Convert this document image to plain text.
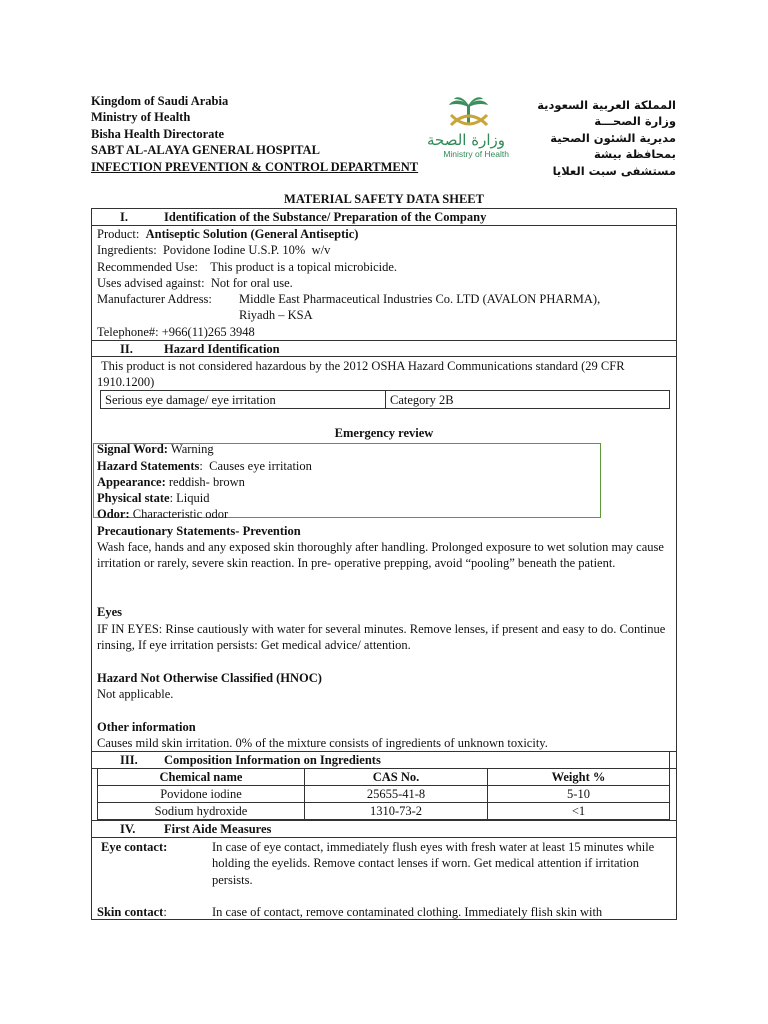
Kingdom of Saudi Arabia
Ministry of Health
Bisha Health Directorate
SABT AL-ALAYA GENERAL HOSPITAL
INFECTION PREVENTION & CONTROL DEPARTMENT
وزارة الصحة
Ministry of Health
المملكة العربية السعودية
وزارة الصحـــة
مديرية الشئون الصحية
بمحافظة بيشة
مستشفى سبت العلايا
MATERIAL SAFETY DATA SHEET
I.	Identification of the Substance/ Preparation of the Company
Product: Antiseptic Solution (General Antiseptic)
Ingredients:  Povidone Iodine U.S.P. 10%  w/v
Recommended Use:    This product is a topical microbicide.
Uses advised against:  Not for oral use.
Manufacturer Address: Middle East Pharmaceutical Industries Co. LTD (AVALON PHARMA),
Riyadh – KSA
Telephone#: +966(11)265 3948
II. Hazard Identification
This product is not considered hazardous by the 2012 OSHA Hazard Communications standard (29 CFR 1910.1200)
Serious eye damage/ eye irritation	Category 2B
Emergency review
Signal Word: Warning
Hazard Statements:  Causes eye irritation
Appearance: reddish- brown
Physical state: Liquid
Odor: Characteristic odor
Precautionary Statements- Prevention
Wash face, hands and any exposed skin thoroughly after handling. Prolonged exposure to wet solution may cause irritation or rarely, severe skin reaction. In pre- operative prepping, avoid “pooling” beneath the patient.
Eyes
IF IN EYES: Rinse cautiously with water for several minutes. Remove lenses, if present and easy to do. Continue rinsing, If eye irritation persists: Get medical advice/ attention.
Hazard Not Otherwise Classified (HNOC)
Not applicable.
Other information
Causes mild skin irritation. 0% of the mixture consists of ingredients of unknown toxicity.
III. Composition Information on Ingredients
Chemical name	CAS No.	Weight %
Povidone iodine	25655-41-8	5-10
Sodium hydroxide	1310-73-2	<1
IV. First Aide Measures
Eye contact:	In case of eye contact, immediately flush eyes with fresh water at least 15 minutes while holding the eyelids. Remove contact lenses if worn. Get medical attention if irritation persists.
Skin contact:	In case of contact, remove contaminated clothing. Immediately flish skin with
